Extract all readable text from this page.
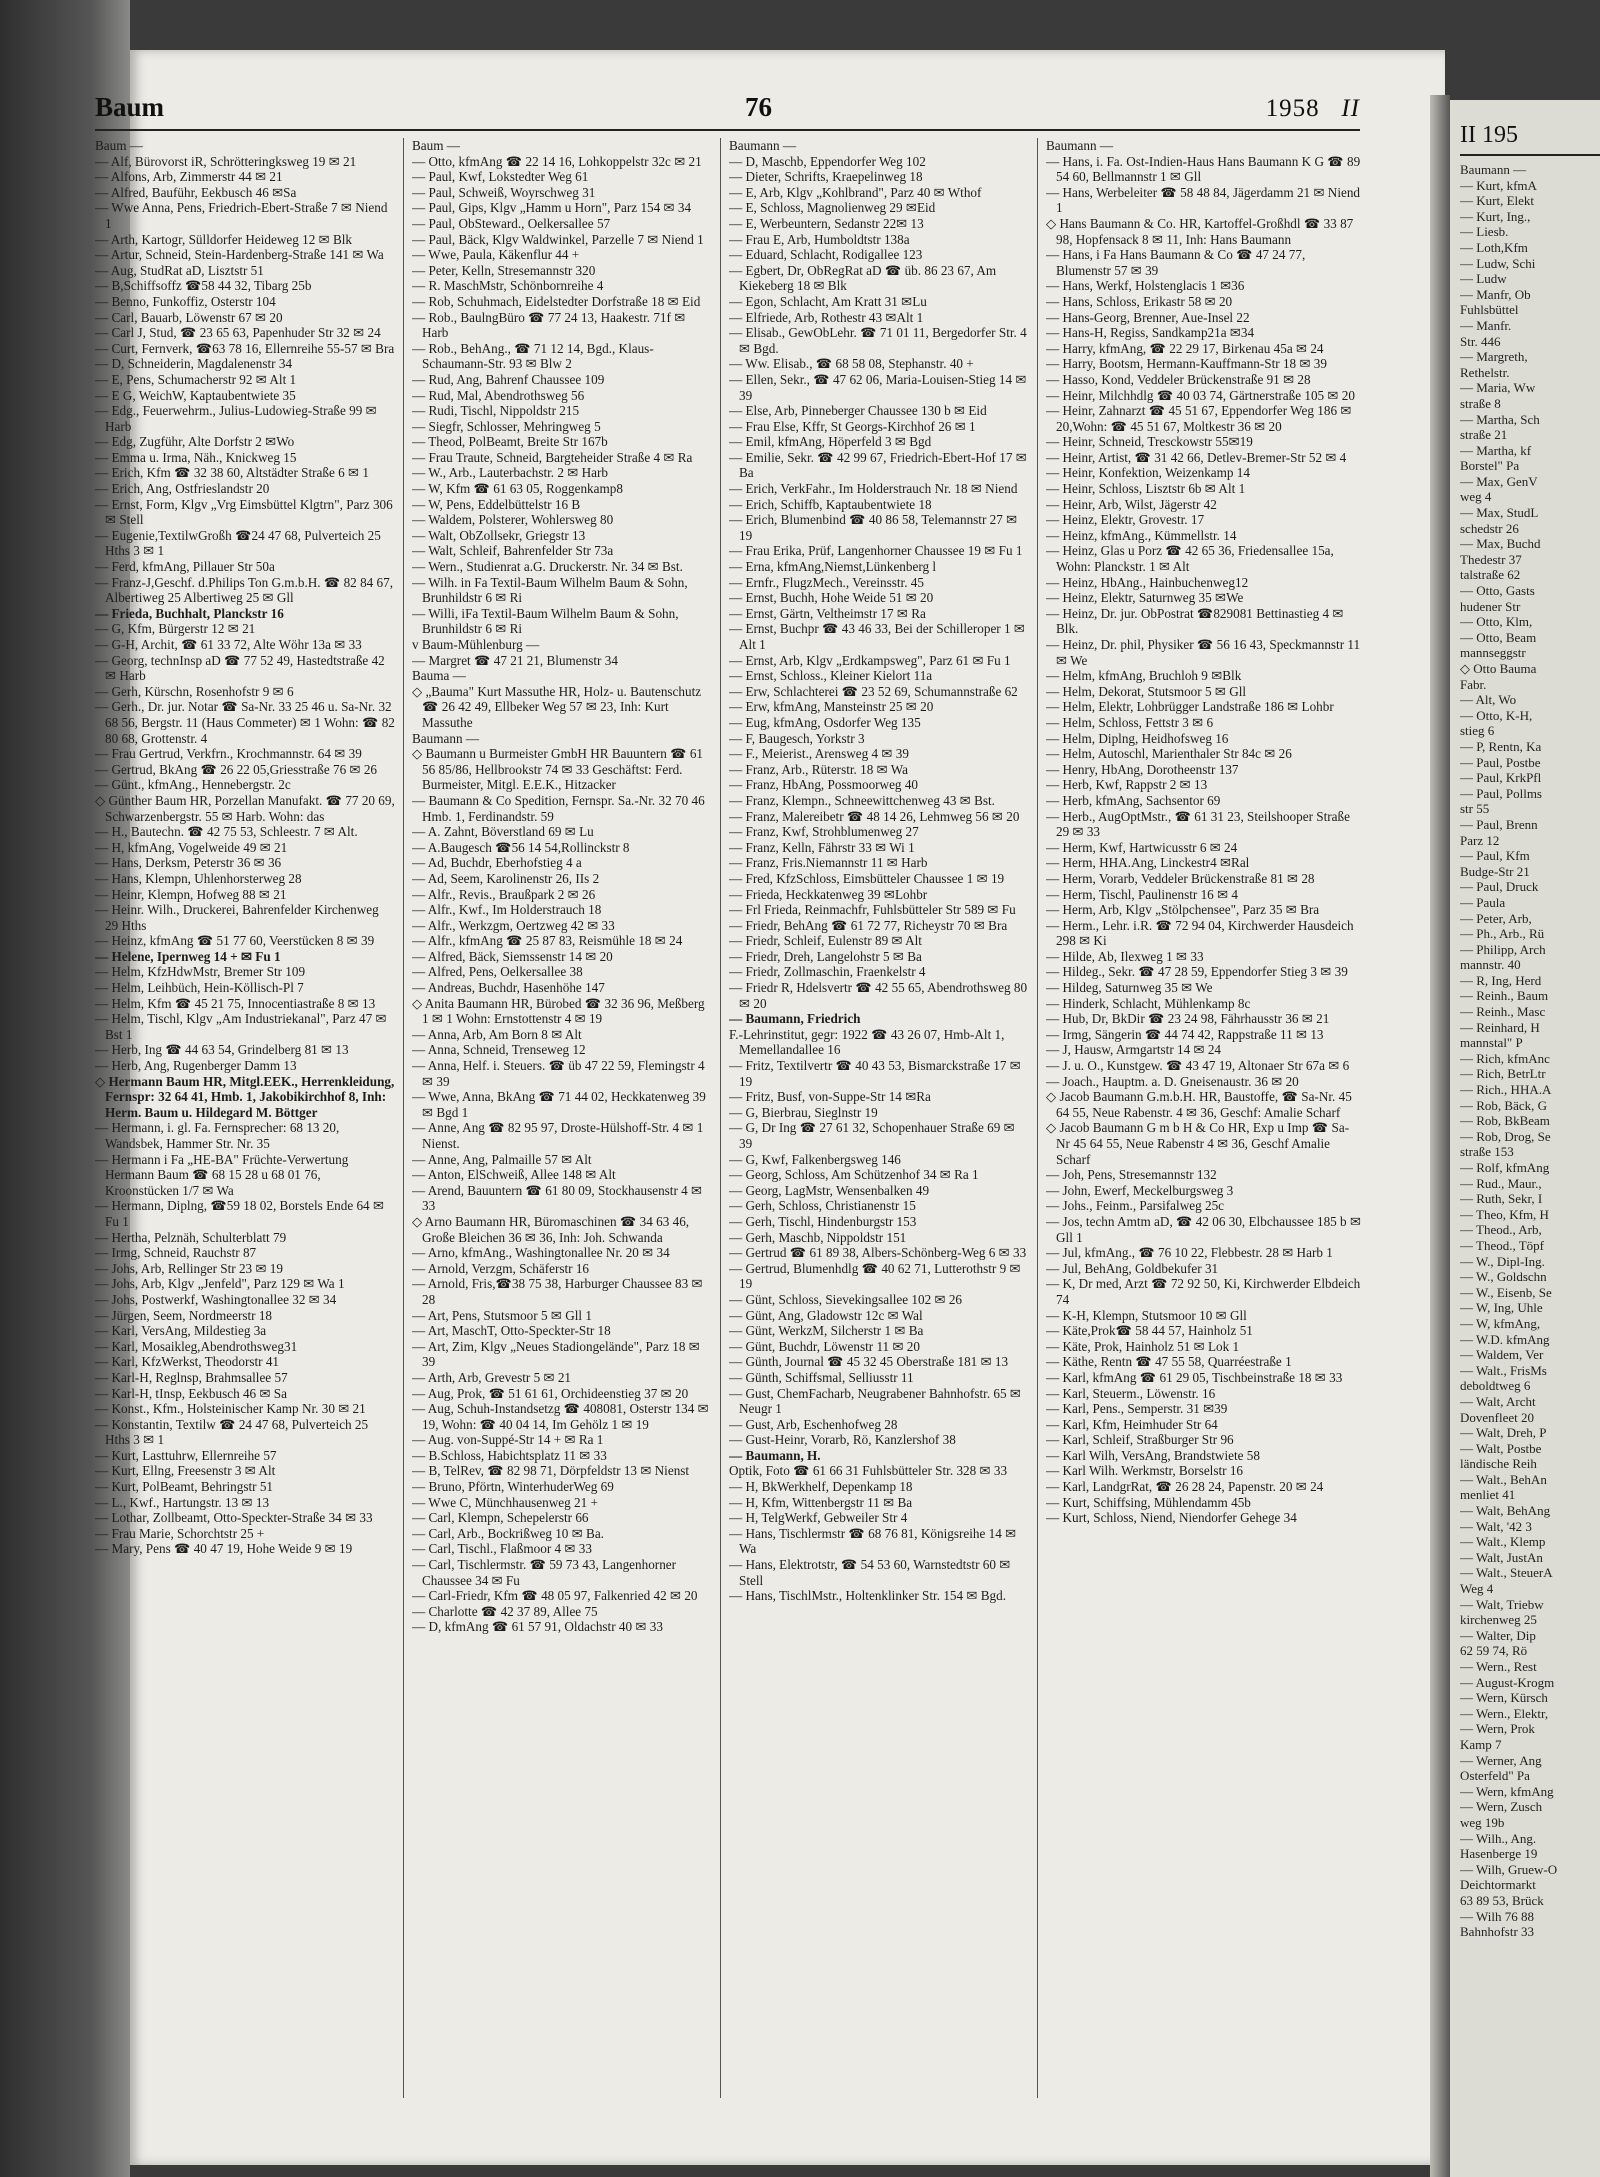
II 195

Baumann —

— Kurt, kfmA

— Kurt, Elekt

— Kurt, Ing.,

— Liesb.

— Loth,Kfm

— Ludw, Schi

— Ludw

— Manfr, Ob

Fuhlsbüttel

— Manfr.

Str. 446

— Margreth,

Rethelstr.

— Maria, Ww

straße 8

— Martha, Sch

straße 21

— Martha, kf

Borstel" Pa

— Max, GenV

weg 4

— Max, StudL

schedstr 26

— Max, Buchd

Thedestr 37

talstraße 62

— Otto, Gasts

hudener Str

— Otto, Klm,

— Otto, Beam

mannseggstr

◇ Otto Bauma

Fabr.

— Alt, Wo

— Otto, K-H,

stieg 6

— P, Rentn, Ka

— Paul, Postbe

— Paul, KrkPfl

— Paul, Pollms

str 55

— Paul, Brenn

Parz 12

— Paul, Kfm

Budge-Str 21

— Paul, Druck

— Paula

— Peter, Arb,

— Ph., Arb., Rü

— Philipp, Arch

mannstr. 40

— R, Ing, Herd

— Reinh., Baum

— Reinh., Masc

— Reinhard, H

mannstal" P

— Rich, kfmAnc

— Rich, BetrLtr

— Rich., HHA.A

— Rob, Bäck, G

— Rob, BkBeam

— Rob, Drog, Se

straße 153

— Rolf, kfmAng

— Rud., Maur.,

— Ruth, Sekr, I

— Theo, Kfm, H

— Theod., Arb,

— Theod., Töpf

— W., Dipl-Ing.

— W., Goldschn

— W., Eisenb, Se

— W, Ing, Uhle

— W, kfmAng,

— W.D. kfmAng

— Waldem, Ver

— Walt., FrisMs

deboldtweg 6

— Walt, Archt

Dovenfleet 20

— Walt, Dreh, P

— Walt, Postbe

ländische Reih

— Walt., BehAn

menliet 41

— Walt, BehAng

— Walt, '42 3

— Walt., Klemp

— Walt, JustAn

— Walt., SteuerA

Weg 4

— Walt, Triebw

kirchenweg 25

— Walter, Dip

62 59 74, Rö

— Wern., Rest

— August-Krogm

— Wern, Kürsch

— Wern., Elektr,

— Wern, Prok

Kamp 7

— Werner, Ang

Osterfeld" Pa

— Wern, kfmAng

— Wern, Zusch

weg 19b

— Wilh., Ang.

Hasenberge 19

— Wilh, Gruew-O

Deichtormarkt

63 89 53, Brück

— Wilh 76 88

Bahnhofstr 33

Baum	76	1958 II

Baum —

— Alf, Bürovorst iR, Schrötteringksweg 19 ✉ 21

— Alfons, Arb, Zimmerstr 44 ✉ 21

— Alfred, Bauführ, Eekbusch 46 ✉Sa

— Wwe Anna, Pens, Friedrich-Ebert-Straße 7 ✉ Niend 1

— Arth, Kartogr, Sülldorfer Heideweg 12 ✉ Blk

— Artur, Schneid, Stein-Hardenberg-Straße 141 ✉ Wa

— Aug, StudRat aD, Lisztstr 51

— B,Schiffsoffz ☎58 44 32, Tibarg 25b

— Benno, Funkoffiz, Osterstr 104

— Carl, Bauarb, Löwenstr 67 ✉ 20

— Carl J, Stud, ☎ 23 65 63, Papenhuder Str 32 ✉ 24

— Curt, Fernverk, ☎63 78 16, Ellernreihe 55-57 ✉ Bra

— D, Schneiderin, Magdalenenstr 34

— E, Pens, Schumacherstr 92 ✉ Alt 1

— E G, WeichW, Kaptaubentwiete 35

— Edg., Feuerwehrm., Julius-Ludowieg-Straße 99 ✉ Harb

— Edg, Zugführ, Alte Dorfstr 2 ✉Wo

— Emma u. Irma, Näh., Knickweg 15

— Erich, Kfm ☎ 32 38 60, Altstädter Straße 6 ✉ 1

— Erich, Ang, Ostfrieslandstr 20

— Ernst, Form, Klgv „Vrg Eimsbüttel Klgtrn", Parz 306 ✉ Stell

— Eugenie,TextilwGroßh ☎24 47 68, Pulverteich 25 Hths 3 ✉ 1

— Ferd, kfmAng, Pillauer Str 50a

— Franz-J,Geschf. d.Philips Ton G.m.b.H. ☎ 82 84 67, Albertiweg 25 Albertiweg 25 ✉ Gll

— Frieda, Buchhalt, Planckstr 16

— G, Kfm, Bürgerstr 12 ✉ 21

— G-H, Archit, ☎ 61 33 72, Alte Wöhr 13a ✉ 33

— Georg, technInsp aD ☎ 77 52 49, Hastedtstraße 42 ✉ Harb

— Gerh, Kürschn, Rosenhofstr 9 ✉ 6

— Gerh., Dr. jur. Notar ☎ Sa-Nr. 33 25 46 u. Sa-Nr. 32 68 56, Bergstr. 11 (Haus Commeter) ✉ 1 Wohn: ☎ 82 80 68, Grottenstr. 4

— Frau Gertrud, Verkfrn., Krochmannstr. 64 ✉ 39

— Gertrud, BkAng ☎ 26 22 05,Griesstraße 76 ✉ 26

— Günt., kfmAng., Hennebergstr. 2c

◇ Günther Baum HR, Porzellan Manufakt. ☎ 77 20 69, Schwarzenbergstr. 55 ✉ Harb. Wohn: das

— H., Bautechn. ☎ 42 75 53, Schleestr. 7 ✉ Alt.

— H, kfmAng, Vogelweide 49 ✉ 21

— Hans, Derksm, Peterstr 36 ✉ 36

— Hans, Klempn, Uhlenhorsterweg 28

— Heinr, Klempn, Hofweg 88 ✉ 21

— Heinr. Wilh., Druckerei, Bahrenfelder Kirchenweg 29 Hths

— Heinz, kfmAng ☎ 51 77 60, Veerstücken 8 ✉ 39

— Helene, Ipernweg 14 + ✉ Fu 1

— Helm, KfzHdwMstr, Bremer Str 109

— Helm, Leihbüch, Hein-Köllisch-Pl 7

— Helm, Kfm ☎ 45 21 75, Innocentiastraße 8 ✉ 13

— Helm, Tischl, Klgv „Am Industriekanal", Parz 47 ✉ Bst 1

— Herb, Ing ☎ 44 63 54, Grindelberg 81 ✉ 13

— Herb, Ang, Rugenberger Damm 13

◇ Hermann Baum HR, Mitgl.EEK., Herrenkleidung, Fernspr: 32 64 41, Hmb. 1, Jakobikirchhof 8, Inh: Herm. Baum u. Hildegard M. Böttger

— Hermann, i. gl. Fa. Fernsprecher: 68 13 20, Wandsbek, Hammer Str. Nr. 35

— Hermann i Fa „HE-BA" Früchte-Verwertung Hermann Baum ☎ 68 15 28 u 68 01 76, Kroonstücken 1/7 ✉ Wa

— Hermann, Diplng, ☎59 18 02, Borstels Ende 64 ✉ Fu 1

— Hertha, Pelznäh, Schulterblatt 79

— Irmg, Schneid, Rauchstr 87

— Johs, Arb, Rellinger Str 23 ✉ 19

— Johs, Arb, Klgv „Jenfeld", Parz 129 ✉ Wa 1

— Johs, Postwerkf, Washingtonallee 32 ✉ 34

— Jürgen, Seem, Nordmeerstr 18

— Karl, VersAng, Mildestieg 3a

— Karl, Mosaikleg,Abendrothsweg31

— Karl, KfzWerkst, Theodorstr 41

— Karl-H, Reglnsp, Brahmsallee 57

— Karl-H, tInsp, Eekbusch 46 ✉ Sa

— Konst., Kfm., Holsteinischer Kamp Nr. 30 ✉ 21

— Konstantin, Textilw ☎ 24 47 68, Pulverteich 25 Hths 3 ✉ 1

— Kurt, Lasttuhrw, Ellernreihe 57

— Kurt, Ellng, Freesenstr 3 ✉ Alt

— Kurt, PolBeamt, Behringstr 51

— L., Kwf., Hartungstr. 13 ✉ 13

— Lothar, Zollbeamt, Otto-Speckter-Straße 34 ✉ 33

— Frau Marie, Schorchtstr 25 +

— Mary, Pens ☎ 40 47 19, Hohe Weide 9 ✉ 19

Baum —

— Otto, kfmAng ☎ 22 14 16, Lohkoppelstr 32c ✉ 21

— Paul, Kwf, Lokstedter Weg 61

— Paul, Schweiß, Woyrschweg 31

— Paul, Gips, Klgv „Hamm u Horn", Parz 154 ✉ 34

— Paul, ObSteward., Oelkersallee 57

— Paul, Bäck, Klgv Waldwinkel, Parzelle 7 ✉ Niend 1

— Wwe, Paula, Käkenflur 44 +

— Peter, Kelln, Stresemannstr 320

— R. MaschMstr, Schönbornreihe 4

— Rob, Schuhmach, Eidelstedter Dorfstraße 18 ✉ Eid

— Rob., BaulngBüro ☎ 77 24 13, Haakestr. 71f ✉ Harb

— Rob., BehAng., ☎ 71 12 14, Bgd., Klaus-Schaumann-Str. 93 ✉ Blw 2

— Rud, Ang, Bahrenf Chaussee 109

— Rud, Mal, Abendrothsweg 56

— Rudi, Tischl, Nippoldstr 215

— Siegfr, Schlosser, Mehringweg 5

— Theod, PolBeamt, Breite Str 167b

— Frau Traute, Schneid, Bargteheider Straße 4 ✉ Ra

— W., Arb., Lauterbachstr. 2 ✉ Harb

— W, Kfm ☎ 61 63 05, Roggenkamp8

— W, Pens, Eddelbüttelstr 16 B

— Waldem, Polsterer, Wohlersweg 80

— Walt, ObZollsekr, Griegstr 13

— Walt, Schleif, Bahrenfelder Str 73a

— Wern., Studienrat a.G. Druckerstr. Nr. 34 ✉ Bst.

— Wilh. in Fa Textil-Baum Wilhelm Baum & Sohn, Brunhildstr 6 ✉ Ri

— Willi, iFa Textil-Baum Wilhelm Baum & Sohn, Brunhildstr 6 ✉ Ri

v Baum-Mühlenburg —

— Margret ☎ 47 21 21, Blumenstr 34

Bauma —

◇ „Bauma" Kurt Massuthe HR, Holz- u. Bautenschutz ☎ 26 42 49, Ellbeker Weg 57 ✉ 23, Inh: Kurt Massuthe

Baumann —

◇ Baumann u Burmeister GmbH HR Bauuntern ☎ 61 56 85/86, Hellbrookstr 74 ✉ 33 Geschäftst: Ferd. Burmeister, Mitgl. E.E.K., Hitzacker

— Baumann & Co Spedition, Fernspr. Sa.-Nr. 32 70 46 Hmb. 1, Ferdinandstr. 59

— A. Zahnt, Böverstland 69 ✉ Lu

— A.Baugesch ☎56 14 54,Rollinckstr 8

— Ad, Buchdr, Eberhofstieg 4 a

— Ad, Seem, Karolinenstr 26, IIs 2

— Alfr., Revis., Braußpark 2 ✉ 26

— Alfr., Kwf., Im Holderstrauch 18

— Alfr., Werkzgm, Oertzweg 42 ✉ 33

— Alfr., kfmAng ☎ 25 87 83, Reismühle 18 ✉ 24

— Alfred, Bäck, Siemssenstr 14 ✉ 20

— Alfred, Pens, Oelkersallee 38

— Andreas, Buchdr, Hasenhöhe 147

◇ Anita Baumann HR, Bürobed ☎ 32 36 96, Meßberg 1 ✉ 1 Wohn: Ernstottenstr 4 ✉ 19

— Anna, Arb, Am Born 8 ✉ Alt

— Anna, Schneid, Trenseweg 12

— Anna, Helf. i. Steuers. ☎ üb 47 22 59, Flemingstr 4 ✉ 39

— Wwe, Anna, BkAng ☎ 71 44 02, Heckkatenweg 39 ✉ Bgd 1

— Anne, Ang ☎ 82 95 97, Droste-Hülshoff-Str. 4 ✉ 1 Nienst.

— Anne, Ang, Palmaille 57 ✉ Alt

— Anton, ElSchweiß, Allee 148 ✉ Alt

— Arend, Bauuntern ☎ 61 80 09, Stockhausenstr 4 ✉ 33

◇ Arno Baumann HR, Büromaschinen ☎ 34 63 46, Große Bleichen 36 ✉ 36, Inh: Joh. Schwanda

— Arno, kfmAng., Washingtonallee Nr. 20 ✉ 34

— Arnold, Verzgm, Schäferstr 16

— Arnold, Fris,☎38 75 38, Harburger Chaussee 83 ✉ 28

— Art, Pens, Stutsmoor 5 ✉ Gll 1

— Art, MaschT, Otto-Speckter-Str 18

— Art, Zim, Klgv „Neues Stadiongelände", Parz 18 ✉ 39

— Arth, Arb, Grevestr 5 ✉ 21

— Aug, Prok, ☎ 51 61 61, Orchideenstieg 37 ✉ 20

— Aug, Schuh-Instandsetzg ☎ 408081, Osterstr 134 ✉ 19, Wohn: ☎ 40 04 14, Im Gehölz 1 ✉ 19

— Aug. von-Suppé-Str 14 + ✉ Ra 1

— B.Schloss, Habichtsplatz 11 ✉ 33

— B, TelRev, ☎ 82 98 71, Dörpfeldstr 13 ✉ Nienst

— Bruno, Pförtn, WinterhuderWeg 69

— Wwe C, Münchhausenweg 21 +

— Carl, Klempn, Schepelerstr 66

— Carl, Arb., Bockrißweg 10 ✉ Ba.

— Carl, Tischl., Flaßmoor 4 ✉ 33

— Carl, Tischlermstr. ☎ 59 73 43, Langenhorner Chaussee 34 ✉ Fu

— Carl-Friedr, Kfm ☎ 48 05 97, Falkenried 42 ✉ 20

— Charlotte ☎ 42 37 89, Allee 75

— D, kfmAng ☎ 61 57 91, Oldachstr 40 ✉ 33

Baumann —

— D, Maschb, Eppendorfer Weg 102

— Dieter, Schrifts, Kraepelinweg 18

— E, Arb, Klgv „Kohlbrand", Parz 40 ✉ Wthof

— E, Schloss, Magnolienweg 29 ✉Eid

— E, Werbeuntern, Sedanstr 22✉ 13

— Frau E, Arb, Humboldtstr 138a

— Eduard, Schlacht, Rodigallee 123

— Egbert, Dr, ObRegRat aD ☎ üb. 86 23 67, Am Kiekeberg 18 ✉ Blk

— Egon, Schlacht, Am Kratt 31 ✉Lu

— Elfriede, Arb, Rothestr 43 ✉Alt 1

— Elisab., GewObLehr. ☎ 71 01 11, Bergedorfer Str. 4 ✉ Bgd.

— Ww. Elisab., ☎ 68 58 08, Stephanstr. 40 +

— Ellen, Sekr., ☎ 47 62 06, Maria-Louisen-Stieg 14 ✉ 39

— Else, Arb, Pinneberger Chaussee 130 b ✉ Eid

— Frau Else, Kffr, St Georgs-Kirchhof 26 ✉ 1

— Emil, kfmAng, Höperfeld 3 ✉ Bgd

— Emilie, Sekr. ☎ 42 99 67, Friedrich-Ebert-Hof 17 ✉ Ba

— Erich, VerkFahr., Im Holderstrauch Nr. 18 ✉ Niend

— Erich, Schiffb, Kaptaubentwiete 18

— Erich, Blumenbind ☎ 40 86 58, Telemannstr 27 ✉ 19

— Frau Erika, Prüf, Langenhorner Chaussee 19 ✉ Fu 1

— Erna, kfmAng,Niemst,Lünkenberg l

— Ernfr., FlugzMech., Vereinsstr. 45

— Ernst, Buchh, Hohe Weide 51 ✉ 20

— Ernst, Gärtn, Veltheimstr 17 ✉ Ra

— Ernst, Buchpr ☎ 43 46 33, Bei der Schilleroper 1 ✉ Alt 1

— Ernst, Arb, Klgv „Erdkampsweg", Parz 61 ✉ Fu 1

— Ernst, Schloss., Kleiner Kielort 11a

— Erw, Schlachterei ☎ 23 52 69, Schumannstraße 62

— Erw, kfmAng, Mansteinstr 25 ✉ 20

— Eug, kfmAng, Osdorfer Weg 135

— F, Baugesch, Yorkstr 3

— F., Meierist., Arensweg 4 ✉ 39

— Franz, Arb., Rüterstr. 18 ✉ Wa

— Franz, HbAng, Possmoorweg 40

— Franz, Klempn., Schneewittchenweg 43 ✉ Bst.

— Franz, Malereibetr ☎ 48 14 26, Lehmweg 56 ✉ 20

— Franz, Kwf, Strohblumenweg 27

— Franz, Kelln, Fährstr 33 ✉ Wi 1

— Franz, Fris.Niemannstr 11 ✉ Harb

— Fred, KfzSchloss, Eimsbütteler Chaussee 1 ✉ 19

— Frieda, Heckkatenweg 39 ✉Lohbr

— Frl Frieda, Reinmachfr, Fuhlsbütteler Str 589 ✉ Fu

— Friedr, BehAng ☎ 61 72 77, Richeystr 70 ✉ Bra

— Friedr, Schleif, Eulenstr 89 ✉ Alt

— Friedr, Dreh, Langelohstr 5 ✉ Ba

— Friedr, Zollmaschin, Fraenkelstr 4

— Friedr R, Hdelsvertr ☎ 42 55 65, Abendrothsweg 80 ✉ 20

— Baumann, Friedrich

F.-Lehrinstitut, gegr: 1922 ☎ 43 26 07, Hmb-Alt 1, Memellandallee 16

— Fritz, Textilvertr ☎ 40 43 53, Bismarckstraße 17 ✉ 19

— Fritz, Busf, von-Suppe-Str 14 ✉Ra

— G, Bierbrau, Sieglnstr 19

— G, Dr Ing ☎ 27 61 32, Schopenhauer Straße 69 ✉ 39

— G, Kwf, Falkenbergsweg 146

— Georg, Schloss, Am Schützenhof 34 ✉ Ra 1

— Georg, LagMstr, Wensenbalken 49

— Gerh, Schloss, Christianenstr 15

— Gerh, Tischl, Hindenburgstr 153

— Gerh, Maschb, Nippoldstr 151

— Gertrud ☎ 61 89 38, Albers-Schönberg-Weg 6 ✉ 33

— Gertrud, Blumenhdlg ☎ 40 62 71, Lutterothstr 9 ✉ 19

— Günt, Schloss, Sievekingsallee 102 ✉ 26

— Günt, Ang, Gladowstr 12c ✉ Wal

— Günt, WerkzM, Silcherstr 1 ✉ Ba

— Günt, Buchdr, Löwenstr 11 ✉ 20

— Günth, Journal ☎ 45 32 45 Oberstraße 181 ✉ 13

— Günth, Schiffsmal, Selliusstr 11

— Gust, ChemFacharb, Neugrabener Bahnhofstr. 65 ✉ Neugr 1

— Gust, Arb, Eschenhofweg 28

— Gust-Heinr, Vorarb, Rö, Kanzlershof 38

— Baumann, H.

Optik, Foto ☎ 61 66 31 Fuhlsbütteler Str. 328 ✉ 33

— H, BkWerkhelf, Depenkamp 18

— H, Kfm, Wittenbergstr 11 ✉ Ba

— H, TelgWerkf, Gebweiler Str 4

— Hans, Tischlermstr ☎ 68 76 81, Königsreihe 14 ✉ Wa

— Hans, Elektrotstr, ☎ 54 53 60, Warnstedtstr 60 ✉ Stell

— Hans, TischlMstr., Holtenklinker Str. 154 ✉ Bgd.

Baumann —

— Hans, i. Fa. Ost-Indien-Haus Hans Baumann K G ☎ 89 54 60, Bellmannstr 1 ✉ Gll

— Hans, Werbeleiter ☎ 58 48 84, Jägerdamm 21 ✉ Niend 1

◇ Hans Baumann & Co. HR, Kartoffel-Großhdl ☎ 33 87 98, Hopfensack 8 ✉ 11, Inh: Hans Baumann

— Hans, i Fa Hans Baumann & Co ☎ 47 24 77, Blumenstr 57 ✉ 39

— Hans, Werkf, Holstenglacis 1 ✉36

— Hans, Schloss, Erikastr 58 ✉ 20

— Hans-Georg, Brenner, Aue-Insel 22

— Hans-H, Regiss, Sandkamp21a ✉34

— Harry, kfmAng, ☎ 22 29 17, Birkenau 45a ✉ 24

— Harry, Bootsm, Hermann-Kauffmann-Str 18 ✉ 39

— Hasso, Kond, Veddeler Brückenstraße 91 ✉ 28

— Heinr, Milchhdlg ☎ 40 03 74, Gärtnerstraße 105 ✉ 20

— Heinr, Zahnarzt ☎ 45 51 67, Eppendorfer Weg 186 ✉ 20,Wohn: ☎ 45 51 67, Moltkestr 36 ✉ 20

— Heinr, Schneid, Tresckowstr 55✉19

— Heinr, Artist, ☎ 31 42 66, Detlev-Bremer-Str 52 ✉ 4

— Heinr, Konfektion, Weizenkamp 14

— Heinr, Schloss, Lisztstr 6b ✉ Alt 1

— Heinr, Arb, Wilst, Jägerstr 42

— Heinz, Elektr, Grovestr. 17

— Heinz, kfmAng., Kümmellstr. 14

— Heinz, Glas u Porz ☎ 42 65 36, Friedensallee 15a, Wohn: Planckstr. 1 ✉ Alt

— Heinz, HbAng., Hainbuchenweg12

— Heinz, Elektr, Saturnweg 35 ✉We

— Heinz, Dr. jur. ObPostrat ☎829081 Bettinastieg 4 ✉ Blk.

— Heinz, Dr. phil, Physiker ☎ 56 16 43, Speckmannstr 11 ✉ We

— Helm, kfmAng, Bruchloh 9 ✉Blk

— Helm, Dekorat, Stutsmoor 5 ✉ Gll

— Helm, Elektr, Lohbrügger Landstraße 186 ✉ Lohbr

— Helm, Schloss, Fettstr 3 ✉ 6

— Helm, Diplng, Heidhofsweg 16

— Helm, Autoschl, Marienthaler Str 84c ✉ 26

— Henry, HbAng, Dorotheenstr 137

— Herb, Kwf, Rappstr 2 ✉ 13

— Herb, kfmAng, Sachsentor 69

— Herb., AugOptMstr., ☎ 61 31 23, Steilshooper Straße 29 ✉ 33

— Herm, Kwf, Hartwicusstr 6 ✉ 24

— Herm, HHA.Ang, Linckestr4 ✉Ral

— Herm, Vorarb, Veddeler Brückenstraße 81 ✉ 28

— Herm, Tischl, Paulinenstr 16 ✉ 4

— Herm, Arb, Klgv „Stölpchensee", Parz 35 ✉ Bra

— Herm., Lehr. i.R. ☎ 72 94 04, Kirchwerder Hausdeich 298 ✉ Ki

— Hilde, Ab, Ilexweg 1 ✉ 33

— Hildeg., Sekr. ☎ 47 28 59, Eppendorfer Stieg 3 ✉ 39

— Hildeg, Saturnweg 35 ✉ We

— Hinderk, Schlacht, Mühlenkamp 8c

— Hub, Dr, BkDir ☎ 23 24 98, Fährhausstr 36 ✉ 21

— Irmg, Sängerin ☎ 44 74 42, Rappstraße 11 ✉ 13

— J, Hausw, Armgartstr 14 ✉ 24

— J. u. O., Kunstgew. ☎ 43 47 19, Altonaer Str 67a ✉ 6

— Joach., Hauptm. a. D. Gneisenaustr. 36 ✉ 20

◇ Jacob Baumann G.m.b.H. HR, Baustoffe, ☎ Sa-Nr. 45 64 55, Neue Rabenstr. 4 ✉ 36, Geschf: Amalie Scharf

◇ Jacob Baumann G m b H & Co HR, Exp u Imp ☎ Sa-Nr 45 64 55, Neue Rabenstr 4 ✉ 36, Geschf Amalie Scharf

— Joh, Pens, Stresemannstr 132

— John, Ewerf, Meckelburgsweg 3

— Johs., Feinm., Parsifalweg 25c

— Jos, techn Amtm aD, ☎ 42 06 30, Elbchaussee 185 b ✉ Gll 1

— Jul, kfmAng., ☎ 76 10 22, Flebbestr. 28 ✉ Harb 1

— Jul, BehAng, Goldbekufer 31

— K, Dr med, Arzt ☎ 72 92 50, Ki, Kirchwerder Elbdeich 74

— K-H, Klempn, Stutsmoor 10 ✉ Gll

— Käte,Prok☎ 58 44 57, Hainholz 51

— Käte, Prok, Hainholz 51 ✉ Lok 1

— Käthe, Rentn ☎ 47 55 58, Quarréestraße 1

— Karl, kfmAng ☎ 61 29 05, Tischbeinstraße 18 ✉ 33

— Karl, Steuerm., Löwenstr. 16

— Karl, Pens., Semperstr. 31 ✉39

— Karl, Kfm, Heimhuder Str 64

— Karl, Schleif, Straßburger Str 96

— Karl Wilh, VersAng, Brandstwiete 58

— Karl Wilh. Werkmstr, Borselstr 16

— Karl, LandgrRat, ☎ 26 28 24, Papenstr. 20 ✉ 24

— Kurt, Schiffsing, Mühlendamm 45b

— Kurt, Schloss, Niend, Niendorfer Gehege 34
